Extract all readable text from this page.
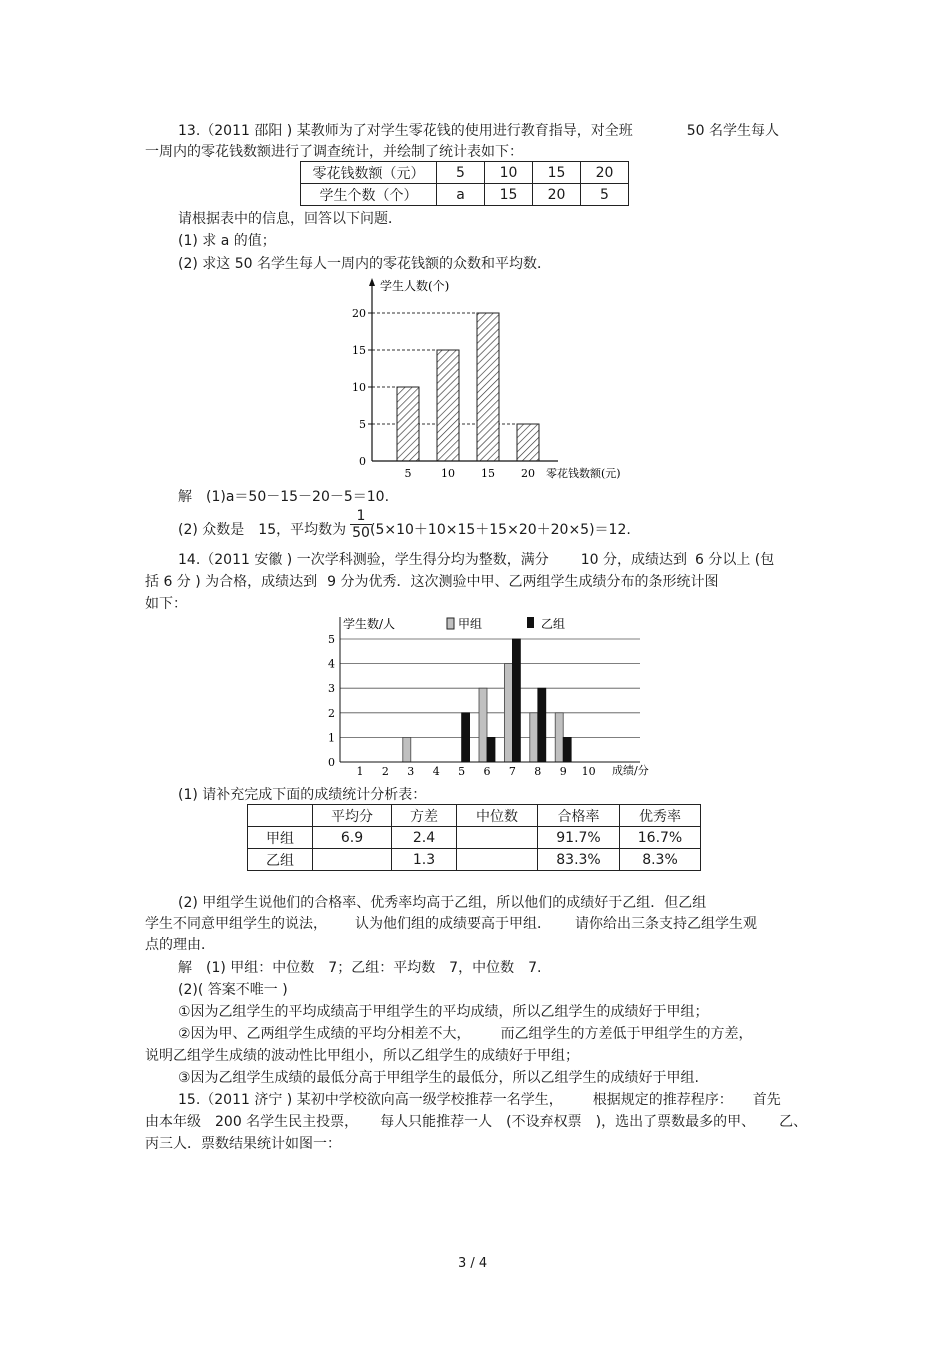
13.（2011 邵阳 ) 某教师为了对学生零花钱的使用进行教育指导，对全班	50 名学生每人
一周内的零花钱数额进行了调查统计，并绘制了统计表如下：
零花钱数额（元）	5	10	15	20
学生个数（个）	a	15	20	5
请根据表中的信息，回答以下问题．
(1) 求 a 的值；
(2) 求这 50 名学生每人一周内的零花钱额的众数和平均数．
学生人数(个)
零花钱数额(元)
0
5
10
15
20
5	10 15 20
解　(1)a＝50－15－20－5＝10.
(2) 众数是　15，平均数为 $\frac{1}{50}$
(5×10＋10×15＋15×20＋20×5)＝12.
14.（2011 安徽 ) 一次学科测验，学生得分均为整数，满分 10 分，成绩达到 6 分以上 (包
括 6 分 ) 为合格，成绩达到 9 分为优秀．这次测验中甲、乙两组学生成绩分布的条形统计图
如下：
学生数/人
成绩/分
甲组	乙组
0
1
2
3
4
5
1 2 3 4 5 6 7 8 9 10
(1) 请补充完成下面的成绩统计分析表：
	平均分	方差	中位数	合格率	优秀率
甲组	6.9	2.4		91.7%	16.7%
乙组		1.3		83.3%	8.3%
(2) 甲组学生说他们的合格率、优秀率均高于乙组，所以他们的成绩好于乙组．但乙组
学生不同意甲组学生的说法， 认为他们组的成绩要高于甲组． 请你给出三条支持乙组学生观
点的理由．
解　(1) 甲组：中位数　7；乙组：平均数　7，中位数　7.
(2)( 答案不唯一 )
①因为乙组学生的平均成绩高于甲组学生的平均成绩，所以乙组学生的成绩好于甲组；
②因为甲、乙两组学生成绩的平均分相差不大， 而乙组学生的方差低于甲组学生的方差，
说明乙组学生成绩的波动性比甲组小，所以乙组学生的成绩好于甲组；
③因为乙组学生成绩的最低分高于甲组学生的最低分，所以乙组学生的成绩好于甲组.
15.（2011 济宁 ) 某初中学校欲向高一级学校推荐一名学生， 根据规定的推荐程序： 首先
由本年级　200 名学生民主投票， 每人只能推荐一人　(不设弃权票　)，选出了票数最多的甲、 乙、
丙三人．票数结果统计如图一：
3 / 4
